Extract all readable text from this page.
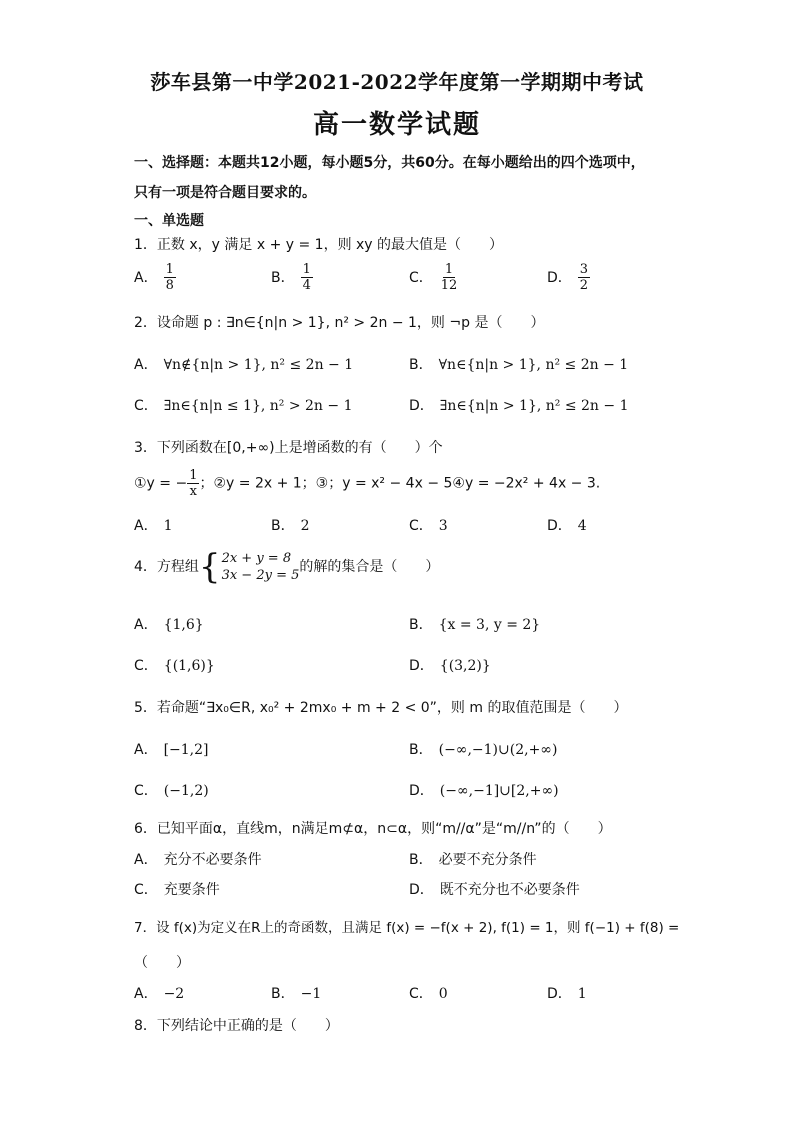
莎车县第一中学2021-2022学年度第一学期期中考试
高一数学试题
一、选择题：本题共12小题，每小题5分，共60分。在每小题给出的四个选项中，
只有一项是符合题目要求的。
一、单选题
1．正数 x，y 满足 x + y = 1，则 xy 的最大值是（　　）
A． $\frac{1}{8}$	B． $\frac{1}{4}$	C． $\frac{1}{12}$	D． $\frac{3}{2}$
2．设命题 p : ∃n∈{n|n > 1}, n² > 2n − 1，则 ¬p 是（　　）
A． ∀n∉{n|n > 1}, n² ≤ 2n − 1	B． ∀n∈{n|n > 1}, n² ≤ 2n − 1
C． ∃n∈{n|n ≤ 1}, n² > 2n − 1	D． ∃n∈{n|n > 1}, n² ≤ 2n − 1
3．下列函数在[0,+∞)上是增函数的有（　　）个
①y = − $\frac{1}{x}$ ；②y = 2x + 1；③；y = x² − 4x − 5④y = −2x² + 4x − 3.
A． 1	B． 2	C． 3	D． 4
4．方程组 { 2x + y = 8
3x − 2y = 5
的解的集合是（　　）
A． {1,6}	B． {x = 3, y = 2}
C． {(1,6)}	D． {(3,2)}
5．若命题“∃x₀∈R, x₀² + 2mx₀ + m + 2 < 0”，则 m 的取值范围是（　　）
A． [−1,2]	B． (−∞,−1)∪(2,+∞)
C． (−1,2)	D． (−∞,−1]∪[2,+∞)
6．已知平面α，直线m，n满足m⊄α，n⊂α，则“m//α”是“m//n”的（　　）
A． 充分不必要条件	B． 必要不充分条件
C． 充要条件	D． 既不充分也不必要条件
7．设 f(x)为定义在R上的奇函数，且满足 f(x) = −f(x + 2), f(1) = 1，则 f(−1) + f(8) =
（　　）
A． −2	B． −1	C． 0	D． 1
8．下列结论中正确的是（　　）
